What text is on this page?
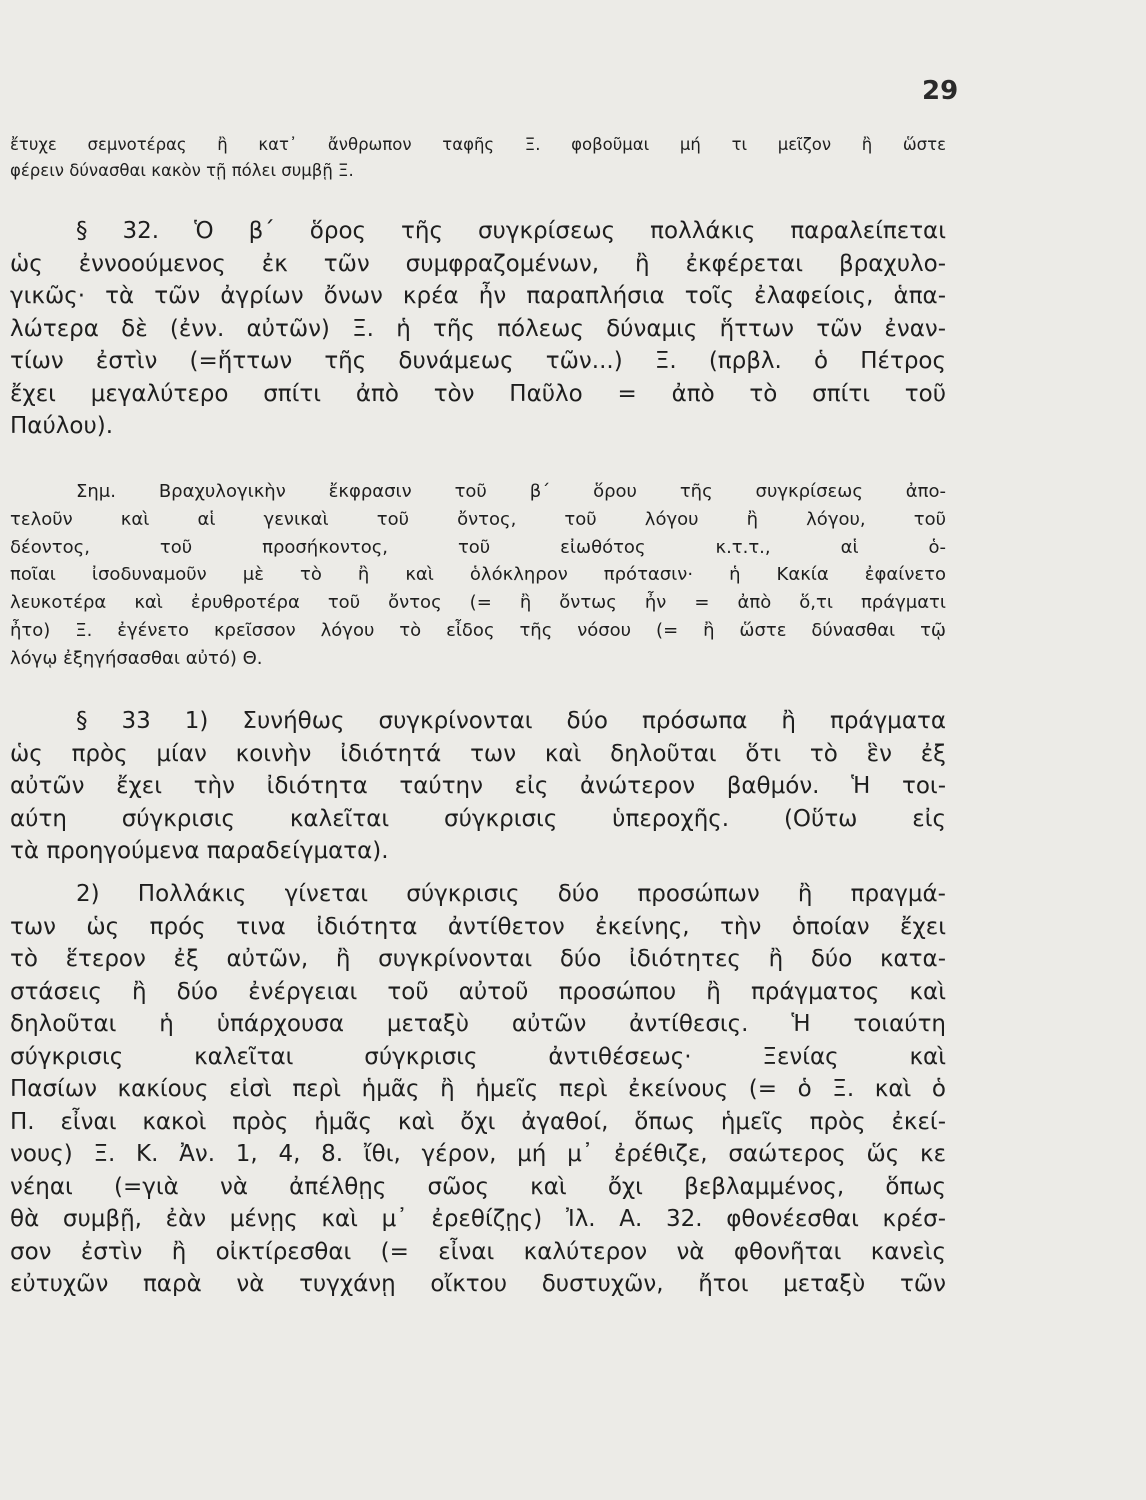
29
ἔτυχε σεμνοτέρας ἢ κατ᾽ ἄνθρωπον ταφῆς Ξ. φοβοῦμαι μή τι μεῖζον ἢ ὥστε
φέρειν δύνασθαι κακὸν τῇ πόλει συμβῇ Ξ.
§ 32. Ὁ β΄ ὅρος τῆς συγκρίσεως πολλάκις παραλείπεται
ὡς ἐννοούμενος ἐκ τῶν συμφραζομένων, ἢ ἐκφέρεται βραχυλο-
γικῶς· τὰ τῶν ἀγρίων ὄνων κρέα ἦν παραπλήσια τοῖς ἐλαφείοις, ἁπα-
λώτερα δὲ (ἐνν. αὐτῶν) Ξ. ἡ τῆς πόλεως δύναμις ἥττων τῶν ἐναν-
τίων ἐστὶν (=ἥττων τῆς δυνάμεως τῶν...) Ξ. (πρβλ. ὁ Πέτρος
ἔχει μεγαλύτερο σπίτι ἀπὸ τὸν Παῦλο = ἀπὸ τὸ σπίτι τοῦ
Παύλου).
Σημ. Βραχυλογικὴν ἔκφρασιν τοῦ β΄ ὅρου τῆς συγκρίσεως ἀπο-
τελοῦν καὶ αἱ γενικαὶ τοῦ ὄντος, τοῦ λόγου ἢ λόγου, τοῦ
δέοντος, τοῦ προσήκοντος, τοῦ εἰωθότος κ.τ.τ., αἱ ὁ-
ποῖαι ἰσοδυναμοῦν μὲ τὸ ἢ καὶ ὁλόκληρον πρότασιν· ἡ Κακία ἐφαίνετο
λευκοτέρα καὶ ἐρυθροτέρα τοῦ ὄντος (= ἢ ὄντως ἦν = ἀπὸ ὅ,τι πράγματι
ἦτο) Ξ. ἐγένετο κρεῖσσον λόγου τὸ εἶδος τῆς νόσου (= ἢ ὥστε δύνασθαι τῷ
λόγῳ ἐξηγήσασθαι αὐτό) Θ.
§ 33 1) Συνήθως συγκρίνονται δύο πρόσωπα ἢ πράγματα
ὡς πρὸς μίαν κοινὴν ἰδιότητά των καὶ δηλοῦται ὅτι τὸ ἓν ἐξ
αὐτῶν ἔχει τὴν ἰδιότητα ταύτην εἰς ἀνώτερον βαθμόν. Ἡ τοι-
αύτη σύγκρισις καλεῖται σύγκρισις ὑπεροχῆς. (Οὕτω εἰς
τὰ προηγούμενα παραδείγματα).
2) Πολλάκις γίνεται σύγκρισις δύο προσώπων ἢ πραγμά-
των ὡς πρός τινα ἰδιότητα ἀντίθετον ἐκείνης, τὴν ὁποίαν ἔχει
τὸ ἕτερον ἐξ αὐτῶν, ἢ συγκρίνονται δύο ἰδιότητες ἢ δύο κατα-
στάσεις ἢ δύο ἐνέργειαι τοῦ αὐτοῦ προσώπου ἢ πράγματος καὶ
δηλοῦται ἡ ὑπάρχουσα μεταξὺ αὐτῶν ἀντίθεσις. Ἡ τοιαύτη
σύγκρισις καλεῖται σύγκρισις ἀντιθέσεως· Ξενίας καὶ
Πασίων κακίους εἰσὶ περὶ ἡμᾶς ἢ ἡμεῖς περὶ ἐκείνους (= ὁ Ξ. καὶ ὁ
Π. εἶναι κακοὶ πρὸς ἡμᾶς καὶ ὄχι ἀγαθοί, ὅπως ἡμεῖς πρὸς ἐκεί-
νους) Ξ. Κ. Ἀν. 1, 4, 8. ἴθι, γέρον, μή μ᾽ ἐρέθιζε, σαώτερος ὥς κε
νέηαι (=γιὰ νὰ ἀπέλθῃς σῶος καὶ ὄχι βεβλαμμένος, ὅπως
θὰ συμβῇ, ἐὰν μένῃς καὶ μ᾽ ἐρεθίζῃς) Ἰλ. Α. 32. φθονέεσθαι κρέσ-
σον ἐστὶν ἢ οἰκτίρεσθαι (= εἶναι καλύτερον νὰ φθονῆται κανεὶς
εὐτυχῶν παρὰ νὰ τυγχάνῃ οἴκτου δυστυχῶν, ἤτοι μεταξὺ τῶν
